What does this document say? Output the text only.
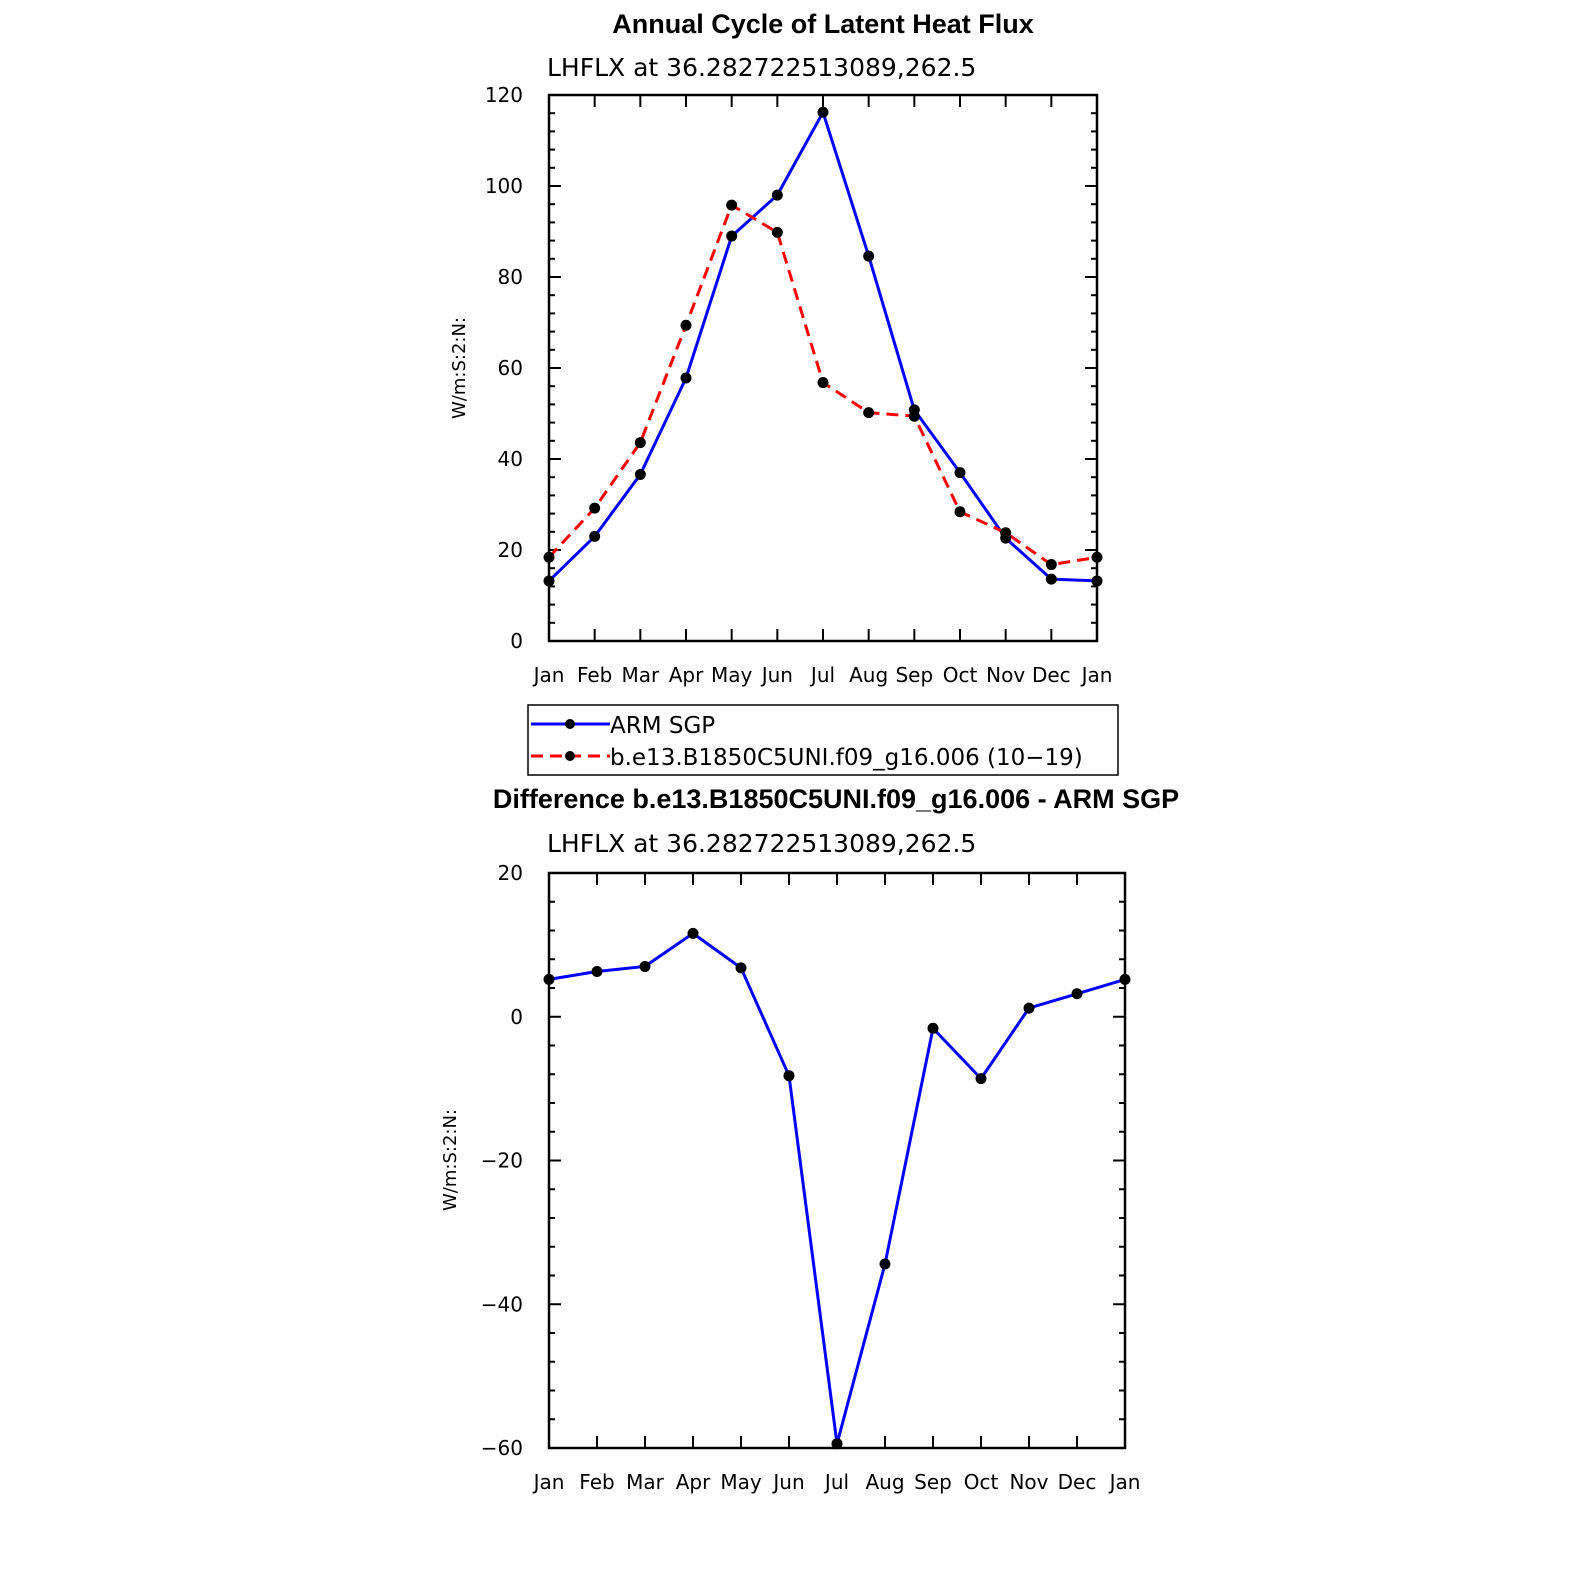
Annual Cycle of Latent Heat Flux
LHFLX at 36.282722513089,262.5
W/m:S:2:N:
0
20
40
60
80
100
120
Jan Feb Mar Apr May Jun Jul Aug Sep Oct Nov Dec Jan
ARM SGP
b.e13.B1850C5UNI.f09_g16.006 (10−19)
Difference b.e13.B1850C5UNI.f09_g16.006 - ARM SGP
LHFLX at 36.282722513089,262.5
W/m:S:2:N:
−60
−40
−20
0
20
Jan Feb Mar Apr May Jun Jul Aug Sep Oct Nov Dec Jan
